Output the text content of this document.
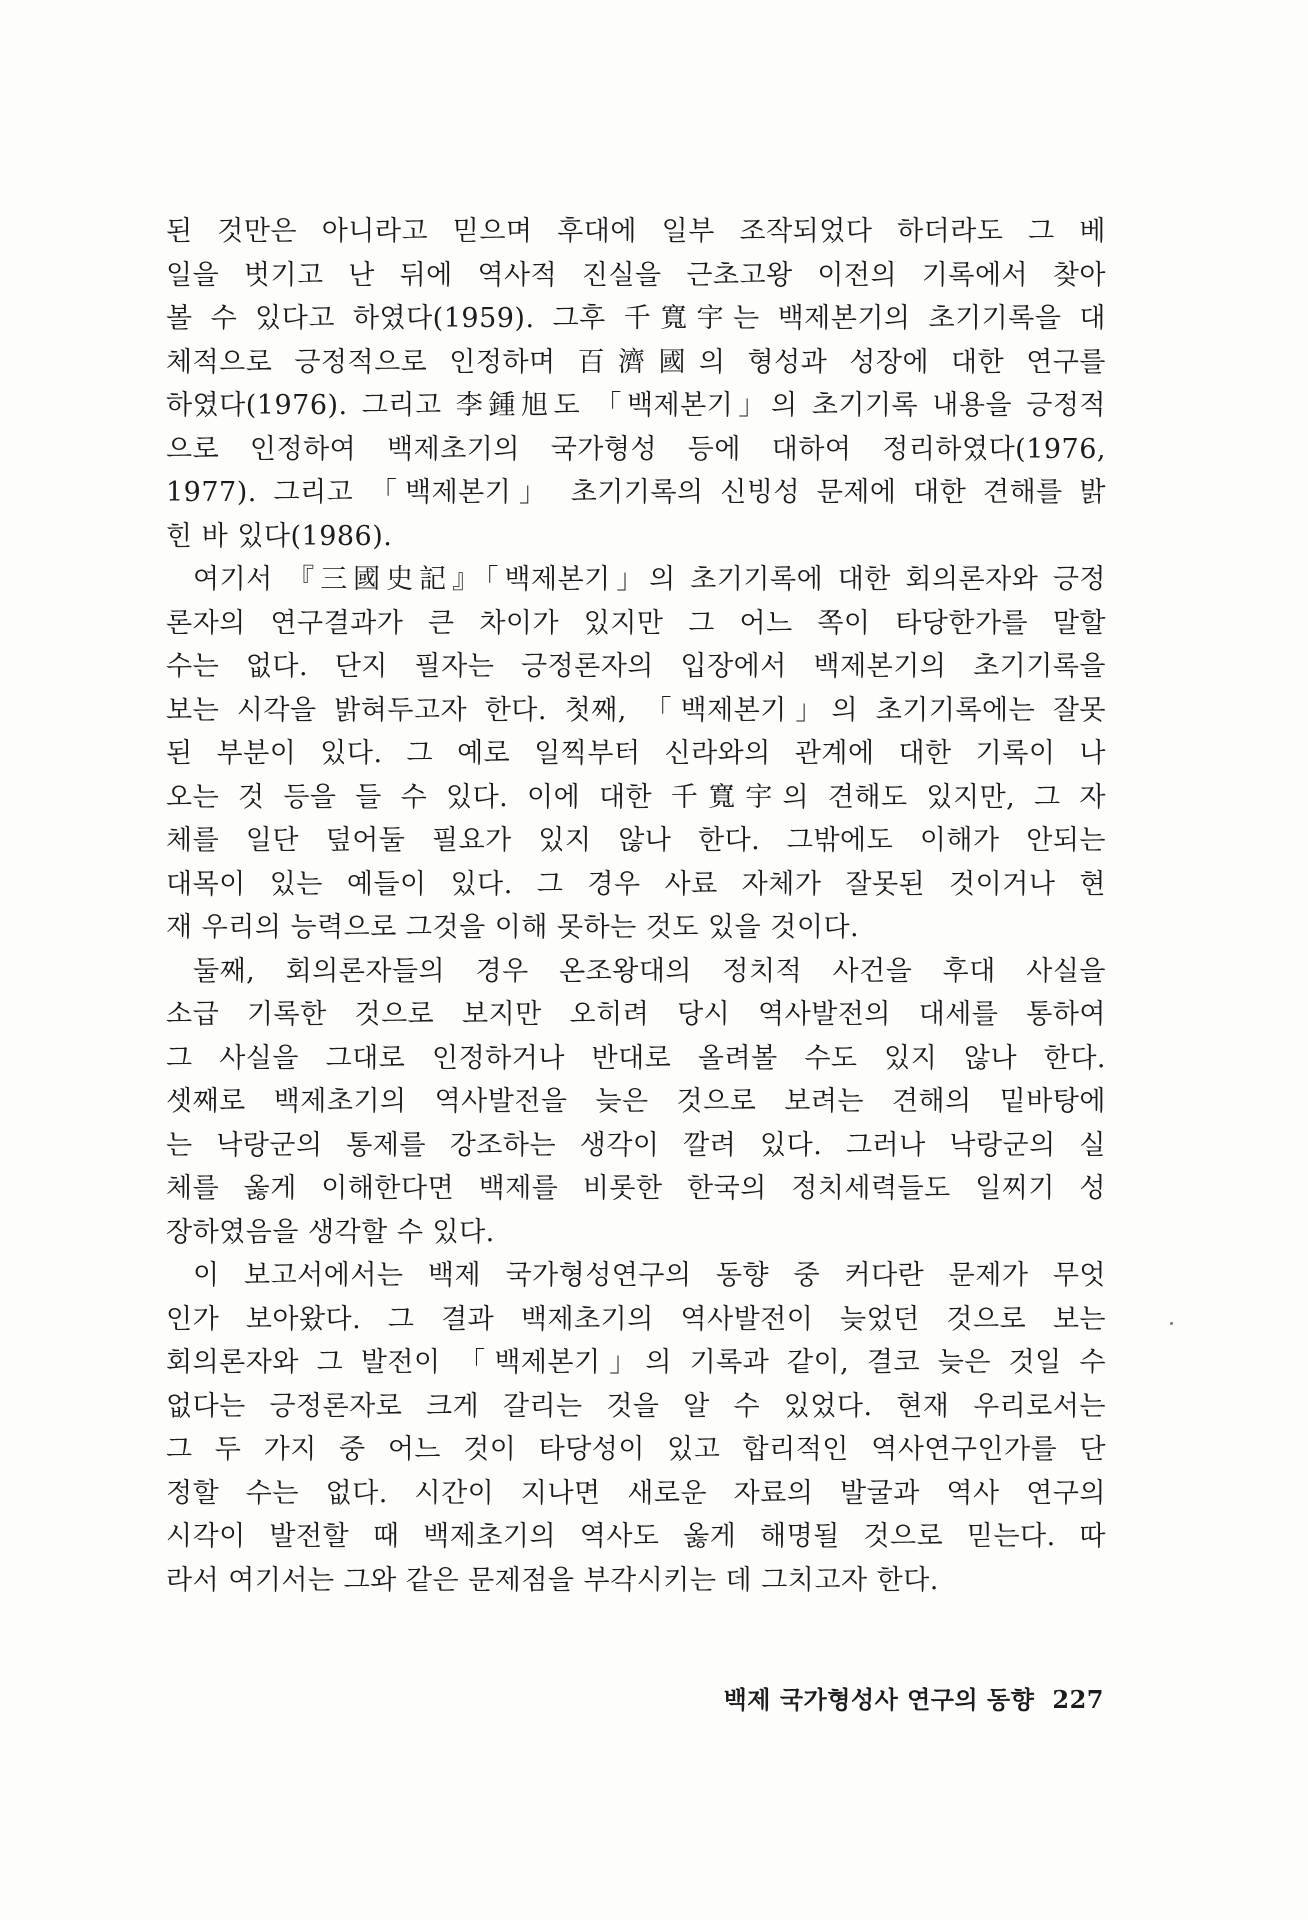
된 것만은 아니라고 믿으며 후대에 일부 조작되었다 하더라도 그 베
일을 벗기고 난 뒤에 역사적 진실을 근초고왕 이전의 기록에서 찾아
볼 수 있다고 하였다(1959). 그후 千寬宇는 백제본기의 초기기록을 대
체적으로 긍정적으로 인정하며 百濟國의 형성과 성장에 대한 연구를
하였다(1976). 그리고 李鍾旭도 「백제본기」의 초기기록 내용을 긍정적
으로 인정하여 백제초기의 국가형성 등에 대하여 정리하였다(1976,
1977). 그리고 「백제본기」 초기기록의 신빙성 문제에 대한 견해를 밝
힌 바 있다(1986).
여기서 『三國史記』「백제본기」의 초기기록에 대한 회의론자와 긍정
론자의 연구결과가 큰 차이가 있지만 그 어느 쪽이 타당한가를 말할
수는 없다. 단지 필자는 긍정론자의 입장에서 백제본기의 초기기록을
보는 시각을 밝혀두고자 한다. 첫째, 「백제본기」의 초기기록에는 잘못
된 부분이 있다. 그 예로 일찍부터 신라와의 관계에 대한 기록이 나
오는 것 등을 들 수 있다. 이에 대한 千寬宇의 견해도 있지만, 그 자
체를 일단 덮어둘 필요가 있지 않나 한다. 그밖에도 이해가 안되는
대목이 있는 예들이 있다. 그 경우 사료 자체가 잘못된 것이거나 현
재 우리의 능력으로 그것을 이해 못하는 것도 있을 것이다.
둘째, 회의론자들의 경우 온조왕대의 정치적 사건을 후대 사실을
소급 기록한 것으로 보지만 오히려 당시 역사발전의 대세를 통하여
그 사실을 그대로 인정하거나 반대로 올려볼 수도 있지 않나 한다.
셋째로 백제초기의 역사발전을 늦은 것으로 보려는 견해의 밑바탕에
는 낙랑군의 통제를 강조하는 생각이 깔려 있다. 그러나 낙랑군의 실
체를 옳게 이해한다면 백제를 비롯한 한국의 정치세력들도 일찌기 성
장하였음을 생각할 수 있다.
이 보고서에서는 백제 국가형성연구의 동향 중 커다란 문제가 무엇
인가 보아왔다. 그 결과 백제초기의 역사발전이 늦었던 것으로 보는
회의론자와 그 발전이 「백제본기」의 기록과 같이, 결코 늦은 것일 수
없다는 긍정론자로 크게 갈리는 것을 알 수 있었다. 현재 우리로서는
그 두 가지 중 어느 것이 타당성이 있고 합리적인 역사연구인가를 단
정할 수는 없다. 시간이 지나면 새로운 자료의 발굴과 역사 연구의
시각이 발전할 때 백제초기의 역사도 옳게 해명될 것으로 믿는다. 따
라서 여기서는 그와 같은 문제점을 부각시키는 데 그치고자 한다.
백제 국가형성사 연구의 동향 227
